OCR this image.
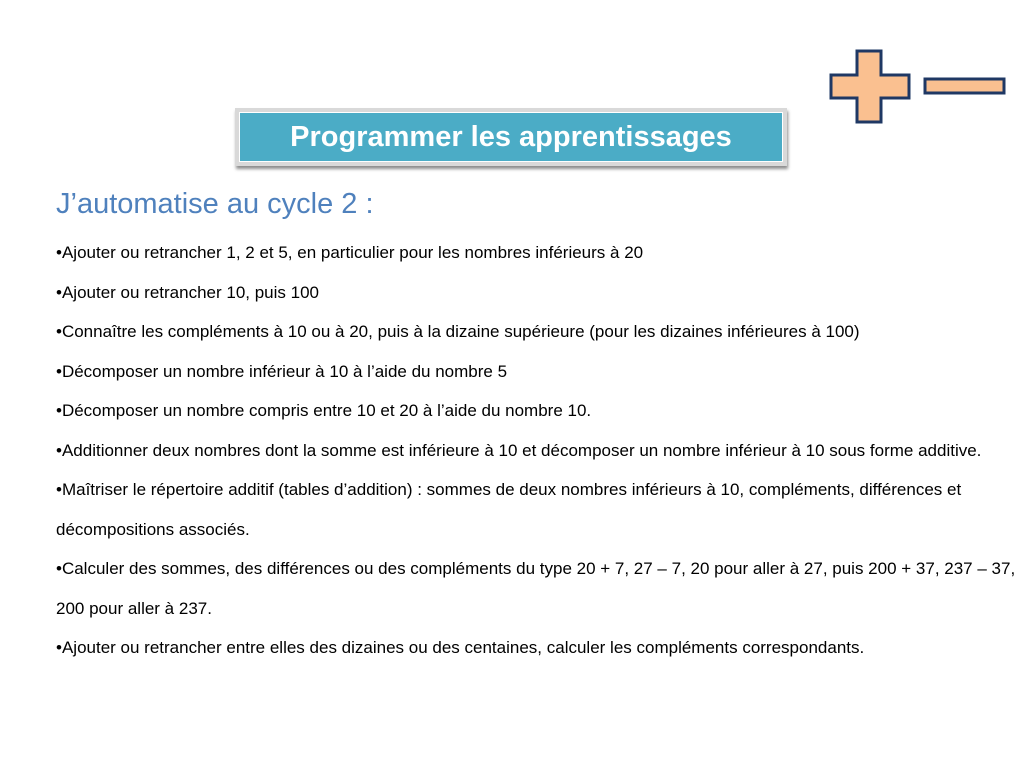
Programmer les apprentissages
J’automatise au cycle 2 :
•Ajouter ou retrancher 1, 2 et 5, en particulier pour les nombres inférieurs à 20
•Ajouter ou retrancher 10, puis 100
•Connaître les compléments à 10 ou à 20, puis à la dizaine supérieure (pour les dizaines inférieures à 100)
•Décomposer un nombre inférieur à 10 à l’aide du nombre 5
•Décomposer un nombre compris entre 10 et 20 à l’aide du nombre 10.
•Additionner deux nombres dont la somme est inférieure à 10 et décomposer un nombre inférieur à 10 sous forme additive.
•Maîtriser le répertoire additif (tables d’addition) : sommes de deux nombres inférieurs à 10, compléments, différences et décompositions associés.
•Calculer des sommes, des différences ou des compléments du type 20 + 7, 27 – 7, 20 pour aller à 27, puis 200 + 37, 237 – 37, 200 pour aller à 237.
•Ajouter ou retrancher entre elles des dizaines ou des centaines, calculer les compléments correspondants.
